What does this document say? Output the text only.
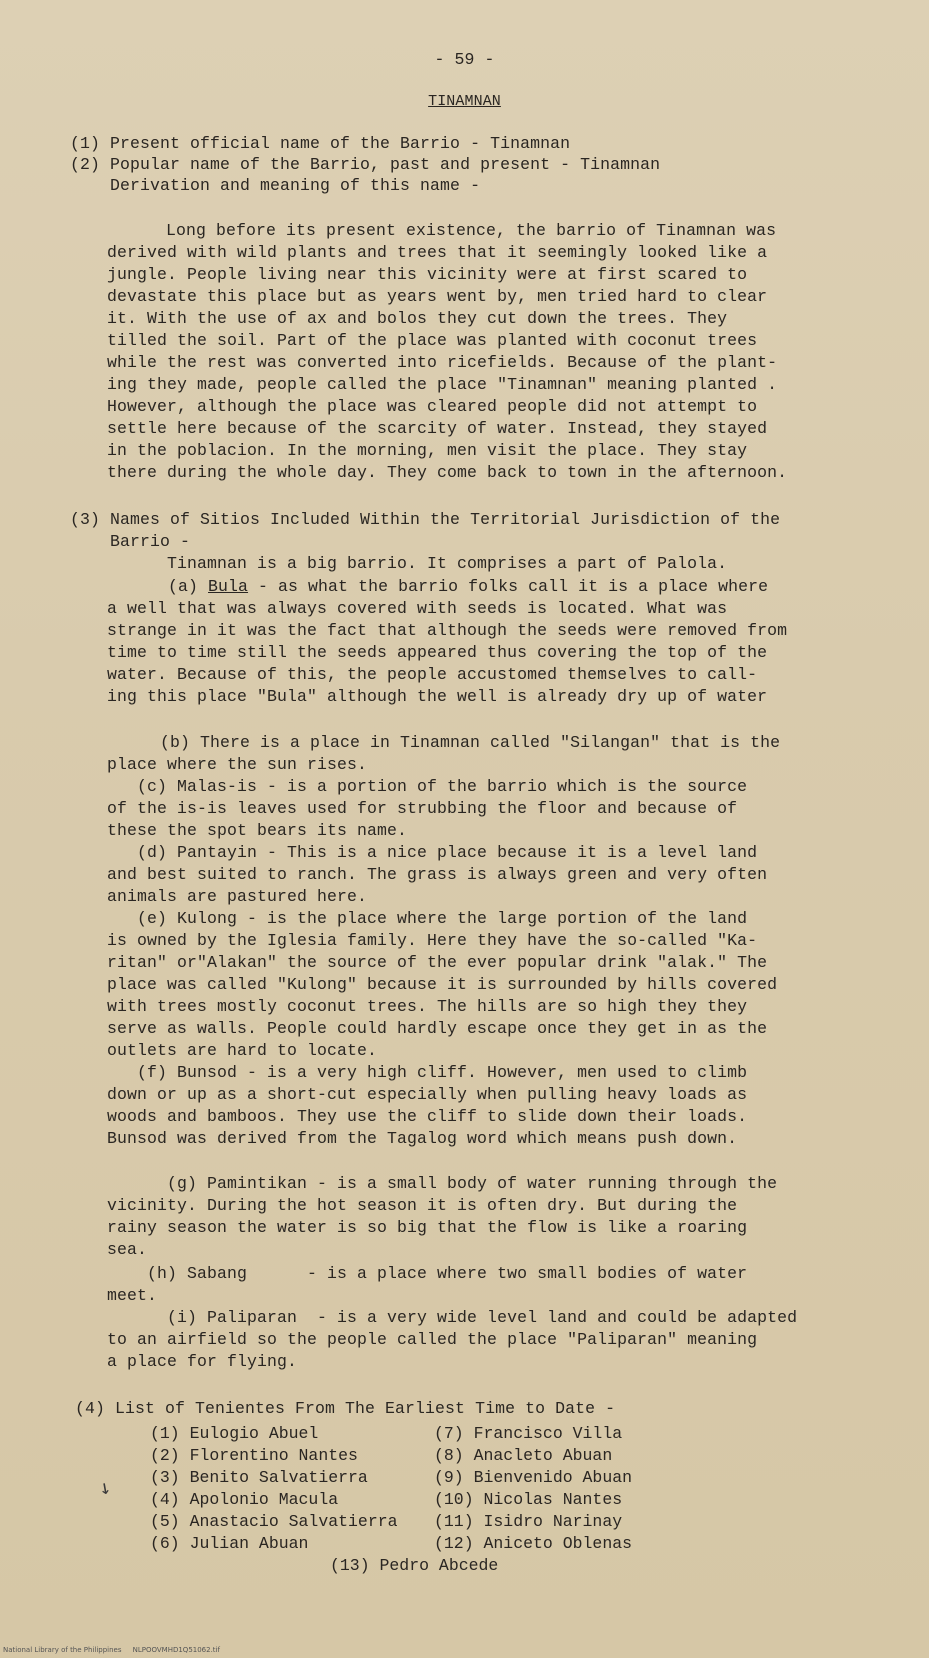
- 59 -
TINAMNAN
(1) Present official name of the Barrio - Tinamnan
(2) Popular name of the Barrio, past and present - Tinamnan
Derivation and meaning of this name -
Long before its present existence, the barrio of Tinamnan was
derived with wild plants and trees that it seemingly looked like a
jungle. People living near this vicinity were at first scared to
devastate this place but as years went by, men tried hard to clear
it. With the use of ax and bolos they cut down the trees. They
tilled the soil. Part of the place was planted with coconut trees
while the rest was converted into ricefields. Because of the plant-
ing they made, people called the place "Tinamnan" meaning planted .
However, although the place was cleared people did not attempt to
settle here because of the scarcity of water. Instead, they stayed
in the poblacion. In the morning, men visit the place. They stay
there during the whole day. They come back to town in the afternoon.
(3) Names of Sitios Included Within the Territorial Jurisdiction of the
Barrio -
Tinamnan is a big barrio. It comprises a part of Palola.
(a) Bula - as what the barrio folks call it is a place where
a well that was always covered with seeds is located. What was
strange in it was the fact that although the seeds were removed from
time to time still the seeds appeared thus covering the top of the
water. Because of this, the people accustomed themselves to call-
ing this place "Bula" although the well is already dry up of water
(b) There is a place in Tinamnan called "Silangan" that is the
place where the sun rises.
(c) Malas-is - is a portion of the barrio which is the source
of the is-is leaves used for strubbing the floor and because of
these the spot bears its name.
(d) Pantayin - This is a nice place because it is a level land
and best suited to ranch. The grass is always green and very often
animals are pastured here.
(e) Kulong - is the place where the large portion of the land
is owned by the Iglesia family. Here they have the so-called "Ka-
ritan" or"Alakan" the source of the ever popular drink "alak." The
place was called "Kulong" because it is surrounded by hills covered
with trees mostly coconut trees. The hills are so high they they
serve as walls. People could hardly escape once they get in as the
outlets are hard to locate.
(f) Bunsod - is a very high cliff. However, men used to climb
down or up as a short-cut especially when pulling heavy loads as
woods and bamboos. They use the cliff to slide down their loads.
Bunsod was derived from the Tagalog word which means push down.
(g) Pamintikan - is a small body of water running through the
vicinity. During the hot season it is often dry. But during the
rainy season the water is so big that the flow is like a roaring
sea.
(h) Sabang      - is a place where two small bodies of water
meet.
(i) Paliparan  - is a very wide level land and could be adapted
to an airfield so the people called the place "Paliparan" meaning
a place for flying.
(4) List of Tenientes From The Earliest Time to Date -
(1) Eulogio Abuel	(7) Francisco Villa
(2) Florentino Nantes	(8) Anacleto Abuan
(3) Benito Salvatierra	(9) Bienvenido Abuan
(4) Apolonio Macula	(10) Nicolas Nantes
(5) Anastacio Salvatierra	(11) Isidro Narinay
(6) Julian Abuan	(12) Aniceto Oblenas
(13) Pedro Abcede
↘
National Library of the Philippines     NLPOOVMHD1Q51062.tif
